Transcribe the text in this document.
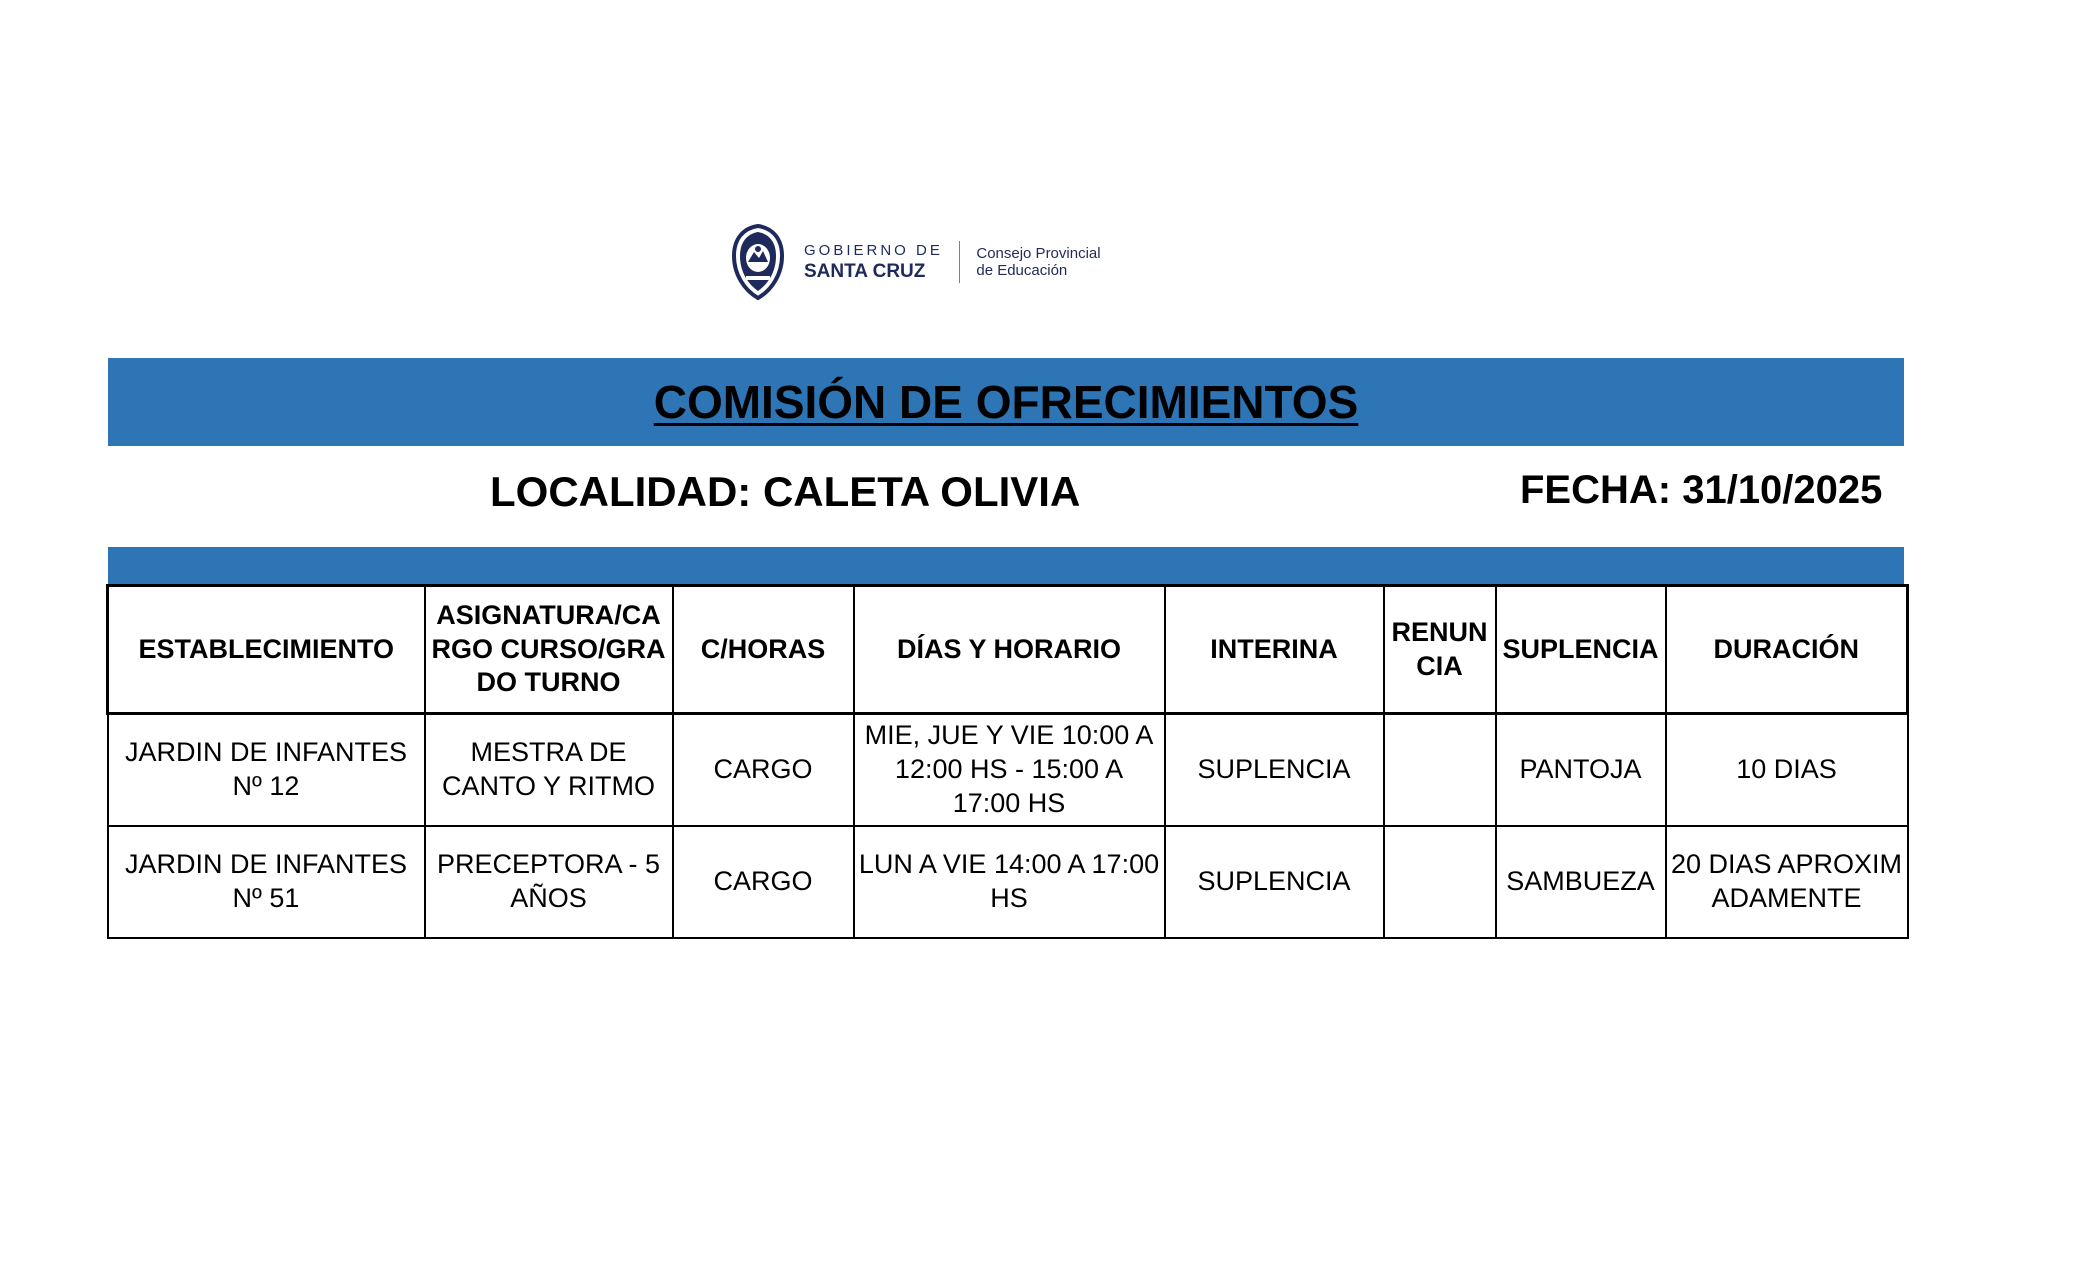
GOBIERNO DE
SANTA CRUZ
Consejo Provincial
de Educación
COMISIÓN DE OFRECIMIENTOS
LOCALIDAD: CALETA OLIVIA	FECHA: 31/10/2025
ESTABLECIMIENTO	ASIGNATURA/CARGO CURSO/GRADO TURNO	C/HORAS	DÍAS Y HORARIO	INTERINA	RENUNCIA	SUPLENCIA	DURACIÓN
JARDIN DE INFANTES Nº 12	MESTRA DE CANTO Y RITMO	CARGO	MIE, JUE Y VIE 10:00 A 12:00 HS - 15:00 A 17:00 HS	SUPLENCIA		PANTOJA	10 DIAS
JARDIN DE INFANTES Nº 51	PRECEPTORA - 5 AÑOS	CARGO	LUN A VIE 14:00 A 17:00 HS	SUPLENCIA		SAMBUEZA	20 DIAS APROXIMADAMENTE
